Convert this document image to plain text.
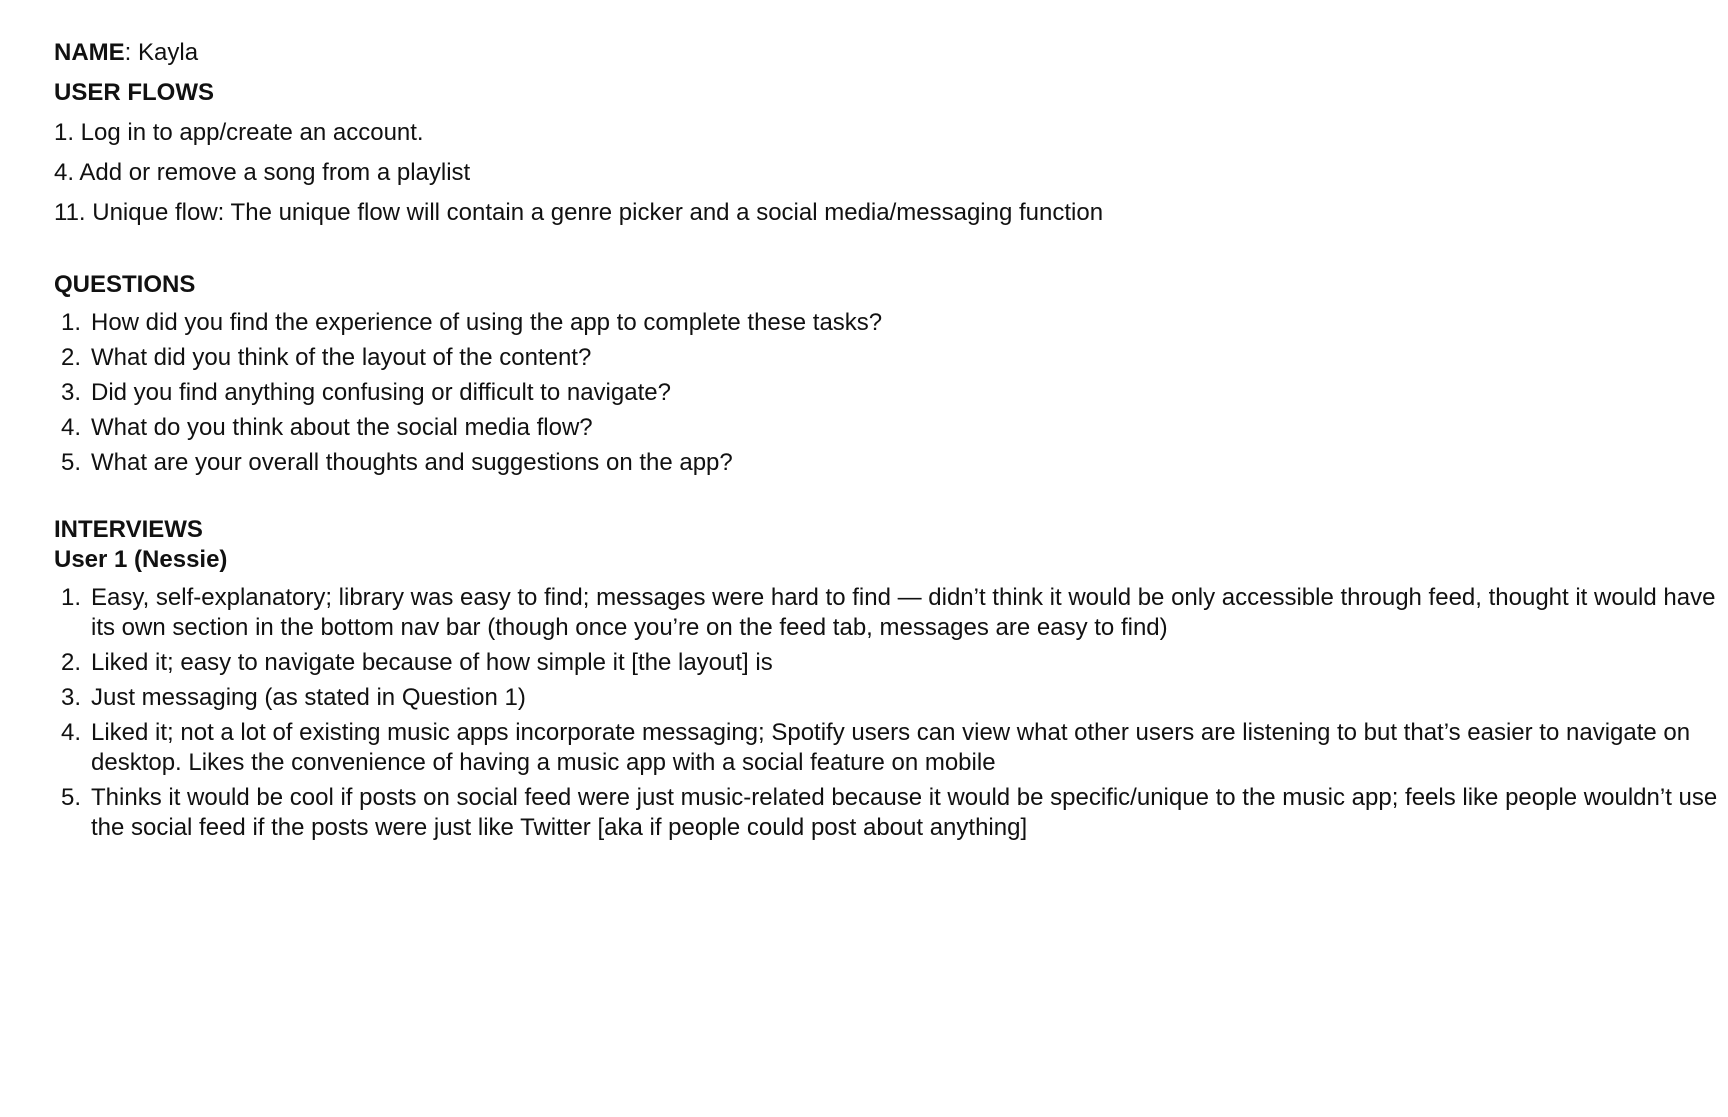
NAME: Kayla

USER FLOWS

1. Log in to app/create an account.

4. Add or remove a song from a playlist

11. Unique flow: The unique flow will contain a genre picker and a social media/messaging function

QUESTIONS

1. How did you find the experience of using the app to complete these tasks?
2. What did you think of the layout of the content?
3. Did you find anything confusing or difficult to navigate?
4. What do you think about the social media flow?
5. What are your overall thoughts and suggestions on the app?

INTERVIEWS

User 1 (Nessie)

1. Easy, self-explanatory; library was easy to find; messages were hard to find — didn’t think it would be only accessible through feed, thought it would have its own section in the bottom nav bar (though once you’re on the feed tab, messages are easy to find)
2. Liked it; easy to navigate because of how simple it [the layout] is
3. Just messaging (as stated in Question 1)
4. Liked it; not a lot of existing music apps incorporate messaging; Spotify users can view what other users are listening to but that’s easier to navigate on desktop. Likes the convenience of having a music app with a social feature on mobile
5. Thinks it would be cool if posts on social feed were just music-related because it would be specific/unique to the music app; feels like people wouldn’t use the social feed if the posts were just like Twitter [aka if people could post about anything]
